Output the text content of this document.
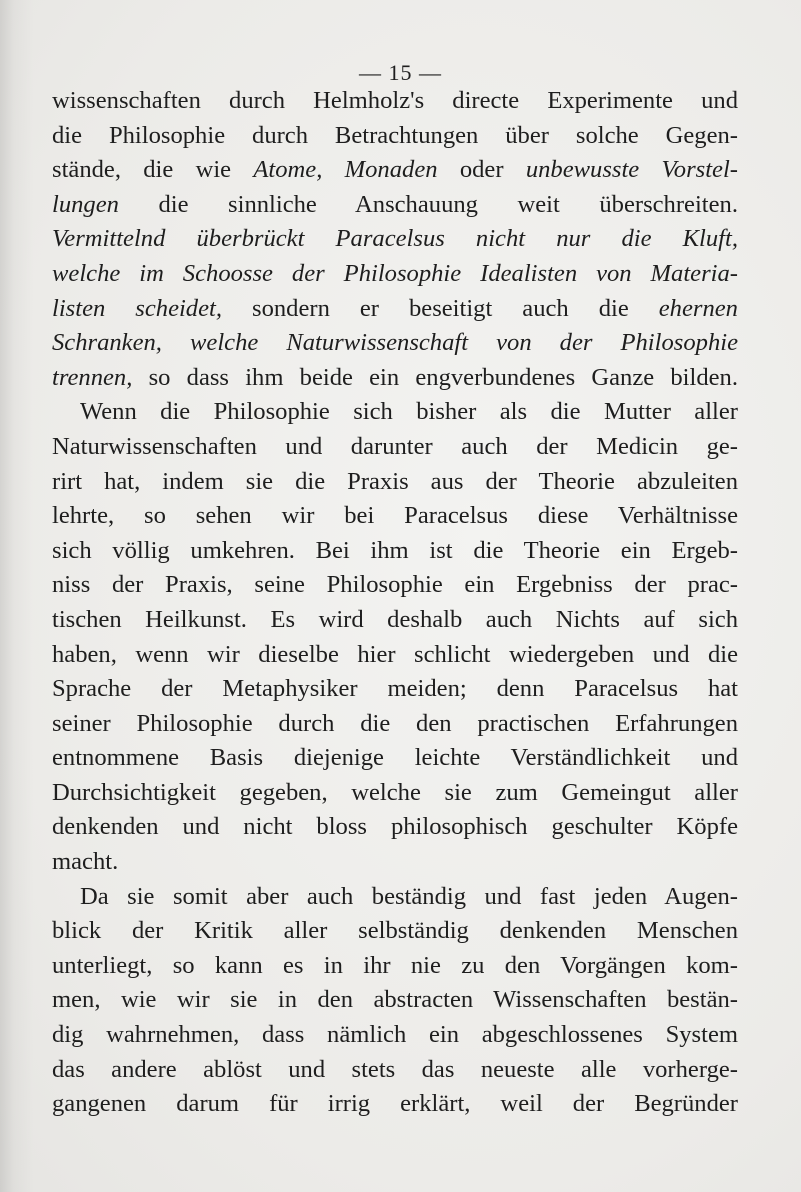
— 15 —
wissenschaften durch Helmholz's directe Experimente und
die Philosophie durch Betrachtungen über solche Gegen-
stände, die wie Atome, Monaden oder unbewusste Vorstel-
lungen die sinnliche Anschauung weit überschreiten.
Vermittelnd überbrückt Paracelsus nicht nur die Kluft,
welche im Schoosse der Philosophie Idealisten von Materia-
listen scheidet, sondern er beseitigt auch die ehernen
Schranken, welche Naturwissenschaft von der Philosophie
trennen, so dass ihm beide ein engverbundenes Ganze bilden.
Wenn die Philosophie sich bisher als die Mutter aller
Naturwissenschaften und darunter auch der Medicin ge-
rirt hat, indem sie die Praxis aus der Theorie abzuleiten
lehrte, so sehen wir bei Paracelsus diese Verhältnisse
sich völlig umkehren. Bei ihm ist die Theorie ein Ergeb-
niss der Praxis, seine Philosophie ein Ergebniss der prac-
tischen Heilkunst. Es wird deshalb auch Nichts auf sich
haben, wenn wir dieselbe hier schlicht wiedergeben und die
Sprache der Metaphysiker meiden; denn Paracelsus hat
seiner Philosophie durch die den practischen Erfahrungen
entnommene Basis diejenige leichte Verständlichkeit und
Durchsichtigkeit gegeben, welche sie zum Gemeingut aller
denkenden und nicht bloss philosophisch geschulter Köpfe
macht.
Da sie somit aber auch beständig und fast jeden Augen-
blick der Kritik aller selbständig denkenden Menschen
unterliegt, so kann es in ihr nie zu den Vorgängen kom-
men, wie wir sie in den abstracten Wissenschaften bestän-
dig wahrnehmen, dass nämlich ein abgeschlossenes System
das andere ablöst und stets das neueste alle vorherge-
gangenen darum für irrig erklärt, weil der Begründer
